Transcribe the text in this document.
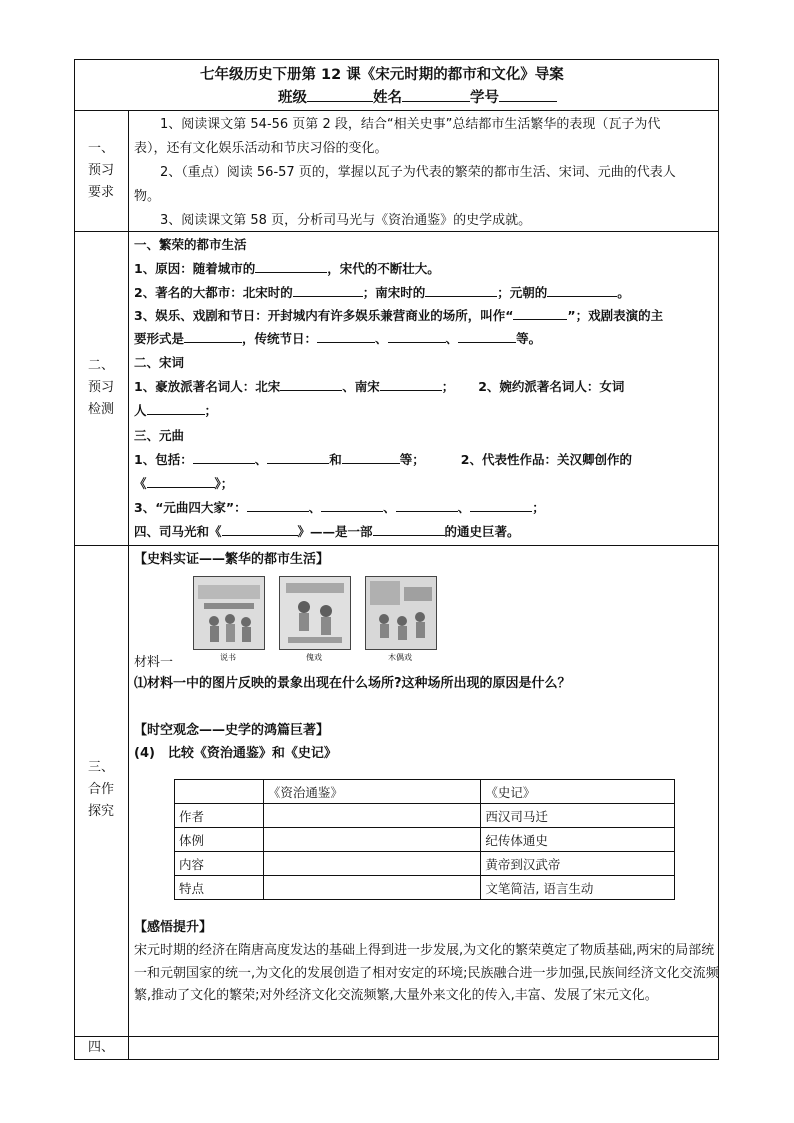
七年级历史下册第 12 课《宋元时期的都市和文化》导案
班级	姓名	学号
一、
预习
要求
1、阅读课文第 54-56 页第 2 段，结合“相关史事”总结都市生活繁华的表现（瓦子为代
表），还有文化娱乐活动和节庆习俗的变化。
2、（重点）阅读 56-57 页的，掌握以瓦子为代表的繁荣的都市生活、宋词、元曲的代表人
物。
3、阅读课文第 58 页，分析司马光与《资治通鉴》的史学成就。
二、
预习
检测
一、繁荣的都市生活
1、原因：随着城市的	，宋代的不断壮大。
2、著名的大都市：北宋时的	；南宋时的	；元朝的	。
3、娱乐、戏剧和节日：开封城内有许多娱乐兼营商业的场所，叫作“	”；戏剧表演的主
要形式是	，传统节日：	、	、	等。
二、宋词
1、豪放派著名词人：北宋	、南宋	； 2、婉约派著名词人：女词
人	；
三、元曲
1、包括：	、	和	等；	2、代表性作品：关汉卿创作的
《	》；
3、“元曲四大家”：	、	、	、	；
四、司马光和《	》——是一部	的通史巨著。
三、
合作
探究
【史料实证——繁华的都市生活】
说书	傀戏	木偶戏
材料一
⑴材料一中的图片反映的景象出现在什么场所?这种场所出现的原因是什么？
【时空观念——史学的鸿篇巨著】
(4)　比较《资治通鉴》和《史记》
	《资治通鉴》	《史记》
作者		西汉司马迁
体例		纪传体通史
内容		黄帝到汉武帝
特点		文笔简洁, 语言生动
【感悟提升】
宋元时期的经济在隋唐高度发达的基础上得到进一步发展,为文化的繁荣奠定了物质基础,两宋的局部统一和元朝国家的统一,为文化的发展创造了相对安定的环境;民族融合进一步加强,民族间经济文化交流频繁,推动了文化的繁荣;对外经济文化交流频繁,大量外来文化的传入,丰富、发展了宋元文化。
四、
